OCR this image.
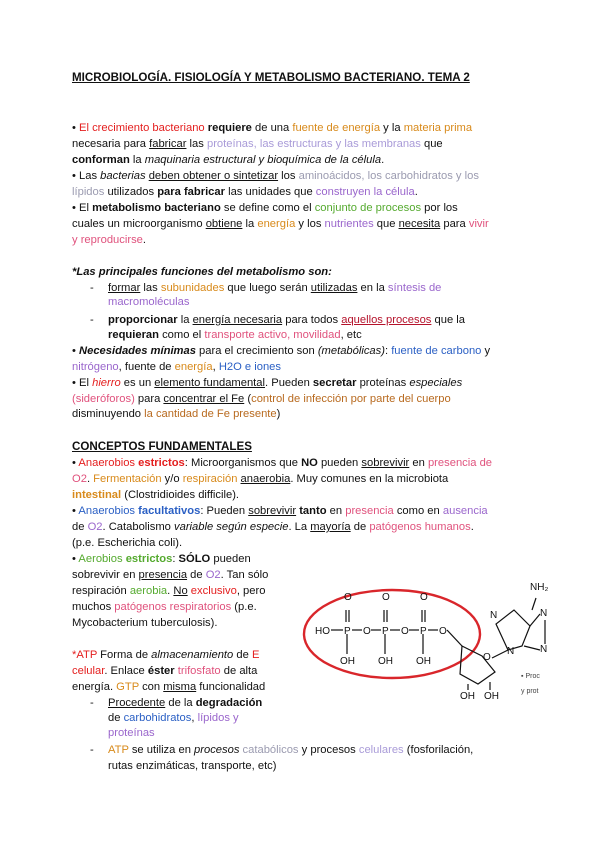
MICROBIOLOGÍA. FISIOLOGÍA Y METABOLISMO BACTERIANO. TEMA 2
• El crecimiento bacteriano requiere de una fuente de energía y la materia prima
necesaria para fabricar las proteínas, las estructuras y las membranas que
conforman la maquinaria estructural y bioquímica de la célula.
• Las bacterias deben obtener o sintetizar los aminoácidos, los carbohidratos y los
lípidos utilizados para fabricar las unidades que construyen la célula.
• El metabolismo bacteriano se define como el conjunto de procesos por los
cuales un microorganismo obtiene la energía y los nutrientes que necesita para vivir
y reproducirse.
*Las principales funciones del metabolismo son:
- formar las subunidades que luego serán utilizadas en la síntesis de
macromoléculas
- proporcionar la energía necesaria para todos aquellos procesos que la
requieran como el transporte activo, movilidad, etc
• Necesidades mínimas para el crecimiento son (metabólicas): fuente de carbono y
nitrógeno, fuente de energía, H2O e iones
• El hierro es un elemento fundamental. Pueden secretar proteínas especiales
(sideróforos) para concentrar el Fe (control de infección por parte del cuerpo
disminuyendo la cantidad de Fe presente)
CONCEPTOS FUNDAMENTALES
• Anaerobios estrictos: Microorganismos que NO pueden sobrevivir en presencia de
O2. Fermentación y/o respiración anaerobia. Muy comunes en la microbiota
intestinal (Clostridioides difficile).
• Anaerobios facultativos: Pueden sobrevivir tanto en presencia como en ausencia
de O2. Catabolismo variable según especie. La mayoría de patógenos humanos.
(p.e. Escherichia coli).
• Aerobios estrictos: SÓLO pueden
sobrevivir en presencia de O2. Tan sólo
respiración aerobia. No exclusivo, pero
muchos patógenos respiratorios (p.e.
Mycobacterium tuberculosis).
*ATP Forma de almacenamiento de E
celular. Enlace éster trifosfato de alta
energía. GTP con misma funcionalidad
- Procedente de la degradación
de carbohidratos, lípidos y
proteínas
- ATP se utiliza en procesos catabólicos y procesos celulares (fosforilación,
rutas enzimáticas, transporte, etc)
HO P O P O P O
O	O	O
OH OH OH	O
OH OH
NH₂
N	N
N
N
▪ Proc
y prot
